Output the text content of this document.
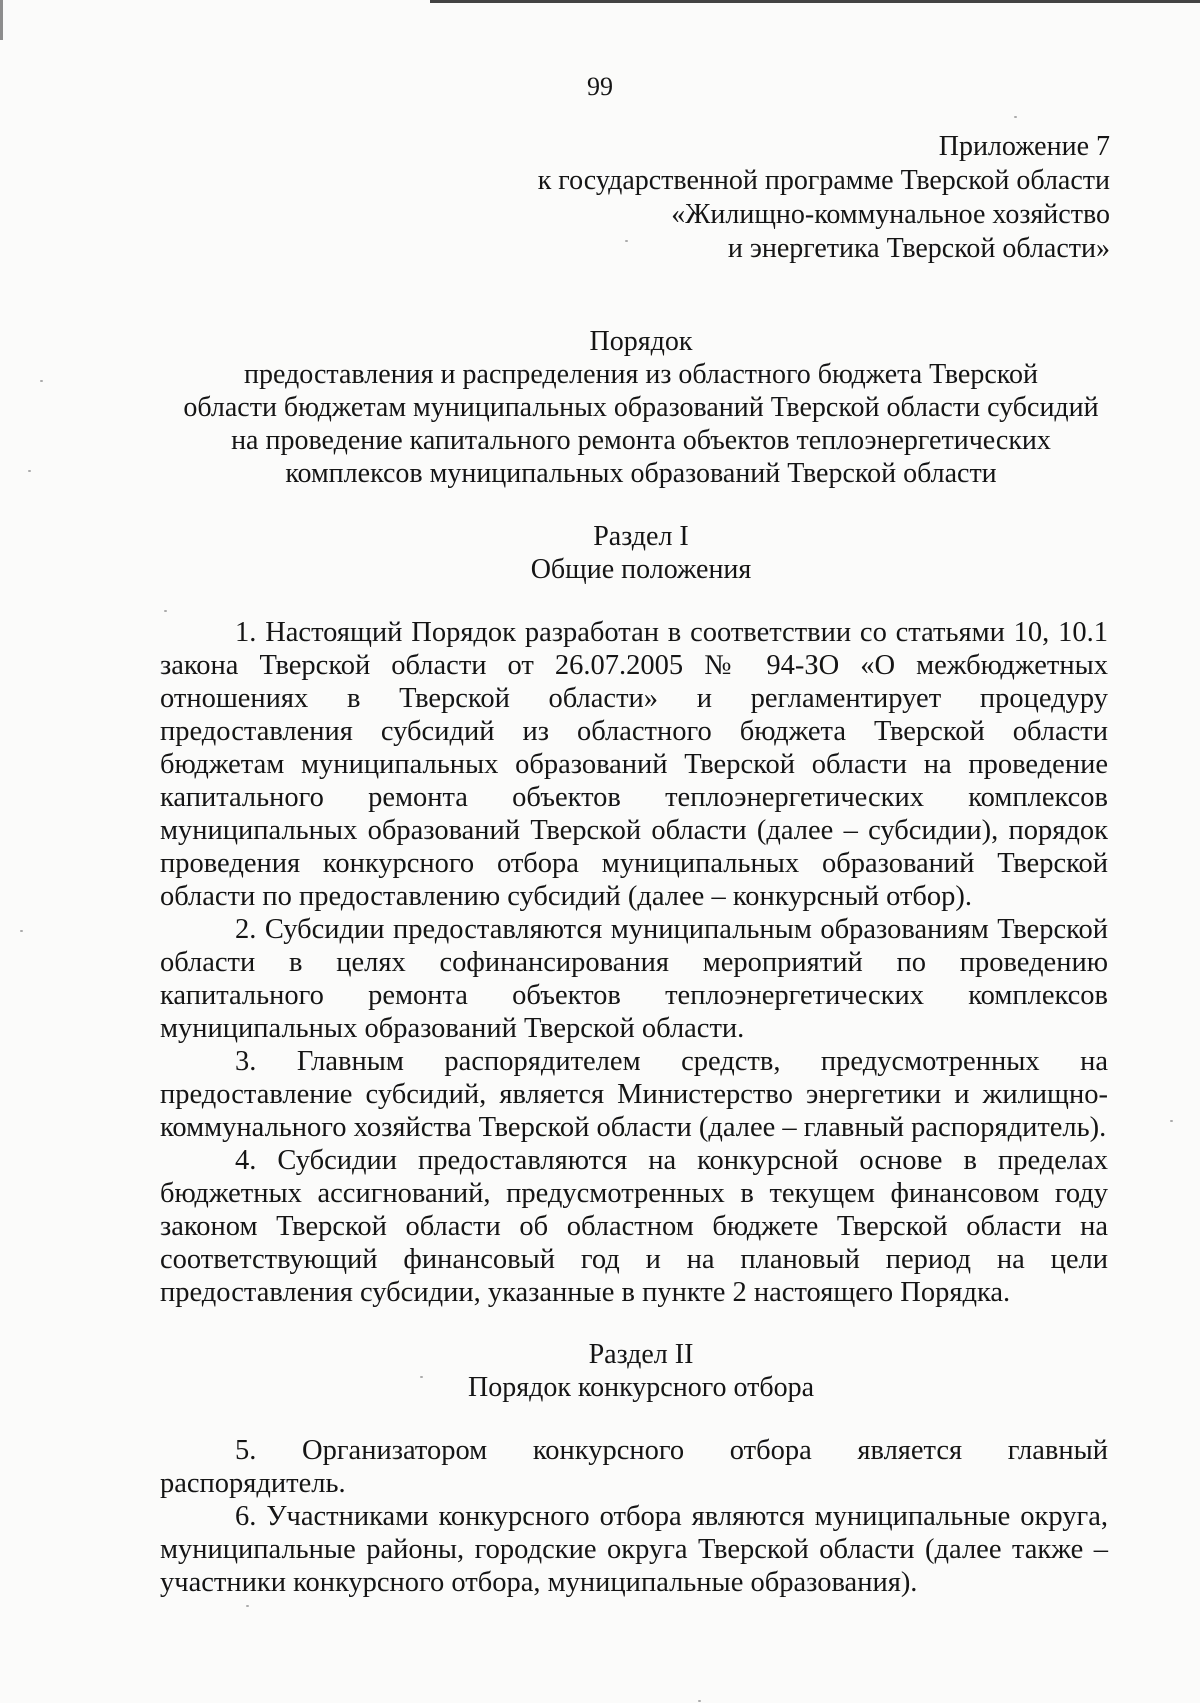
99
Приложение 7
к государственной программе Тверской области
«Жилищно-коммунальное хозяйство
и энергетика Тверской области»
Порядок
предоставления и распределения из областного бюджета Тверской
области бюджетам муниципальных образований Тверской области субсидий
на проведение капитального ремонта объектов теплоэнергетических
комплексов муниципальных образований Тверской области
Раздел I
Общие положения

1. Настоящий Порядок разработан в соответствии со статьями 10, 10.1 закона Тверской области от 26.07.2005 № 94-ЗО «О межбюджетных отношениях в Тверской области» и регламентирует процедуру предоставления субсидий из областного бюджета Тверской области бюджетам муниципальных образований Тверской области на проведение капитального ремонта объектов теплоэнергетических комплексов муниципальных образований Тверской области (далее – субсидии), порядок проведения конкурсного отбора муниципальных образований Тверской области по предоставлению субсидий (далее – конкурсный отбор).

2. Субсидии предоставляются муниципальным образованиям Тверской области в целях софинансирования мероприятий по проведению капитального ремонта объектов теплоэнергетических комплексов муниципальных образований Тверской области.

3. Главным распорядителем средств, предусмотренных на предоставление субсидий, является Министерство энергетики и жилищно-коммунального хозяйства Тверской области (далее – главный распорядитель).

4. Субсидии предоставляются на конкурсной основе в пределах бюджетных ассигнований, предусмотренных в текущем финансовом году законом Тверской области об областном бюджете Тверской области на соответствующий финансовый год и на плановый период на цели предоставления субсидии, указанные в пункте 2 настоящего Порядка.

Раздел II
Порядок конкурсного отбора

5. Организатором конкурсного отбора является главный распорядитель.

6. Участниками конкурсного отбора являются муниципальные округа, муниципальные районы, городские округа Тверской области (далее также – участники конкурсного отбора, муниципальные образования).
